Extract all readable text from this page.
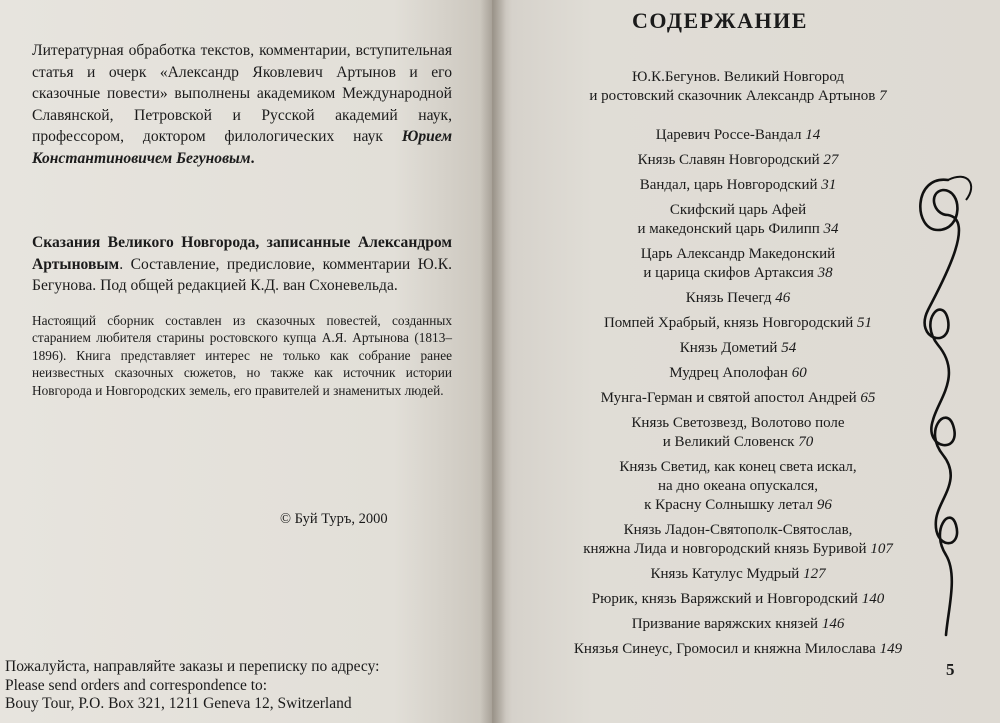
Литературная обработка текстов, комментарии, вступительная статья и очерк «Александр Яковлевич Артынов и его сказочные повести» выполнены академиком Международной Славянской, Петровской и Русской академий наук, профессором, доктором филологических наук Юрием Константиновичем Бегуновым.

Сказания Великого Новгорода, записанные Александром Артыновым. Составление, предисловие, комментарии Ю.К. Бегунова. Под общей редакцией К.Д. ван Схоневельда.

Настоящий сборник составлен из сказочных повестей, созданных старанием любителя старины ростовского купца А.Я. Артынова (1813–1896). Книга представляет интерес не только как собрание ранее неизвестных сказочных сюжетов, но также как источник истории Новгорода и Новгородских земель, его правителей и знаменитых людей.

© Буй Туръ, 2000
Пожалуйста, направляйте заказы и переписку по адресу:
Please send orders and correspondence to:
Bouy Tour, P.O. Box 321, 1211 Geneva 12, Switzerland
СОДЕРЖАНИЕ
Ю.К.Бегунов. Великий Новгород
и ростовский сказочник Александр Артынов 7
Царевич Россе-Вандал 14
Князь Славян Новгородский 27
Вандал, царь Новгородский 31
Скифский царь Афей
и македонский царь Филипп 34
Царь Александр Македонский
и царица скифов Артаксия 38
Князь Печегд 46
Помпей Храбрый, князь Новгородский 51
Князь Дометий 54
Мудрец Аполофан 60
Мунга-Герман и святой апостол Андрей 65
Князь Светозвезд, Волотово поле
и Великий Словенск 70
Князь Светид, как конец света искал,
на дно океана опускался,
к Красну Солнышку летал 96
Князь Ладон-Святополк-Святослав,
княжна Лида и новгородский князь Буривой 107
Князь Катулус Мудрый 127
Рюрик, князь Варяжский и Новгородский 140
Призвание варяжских князей 146
Князья Синеус, Громосил и княжна Милослава 149
5
